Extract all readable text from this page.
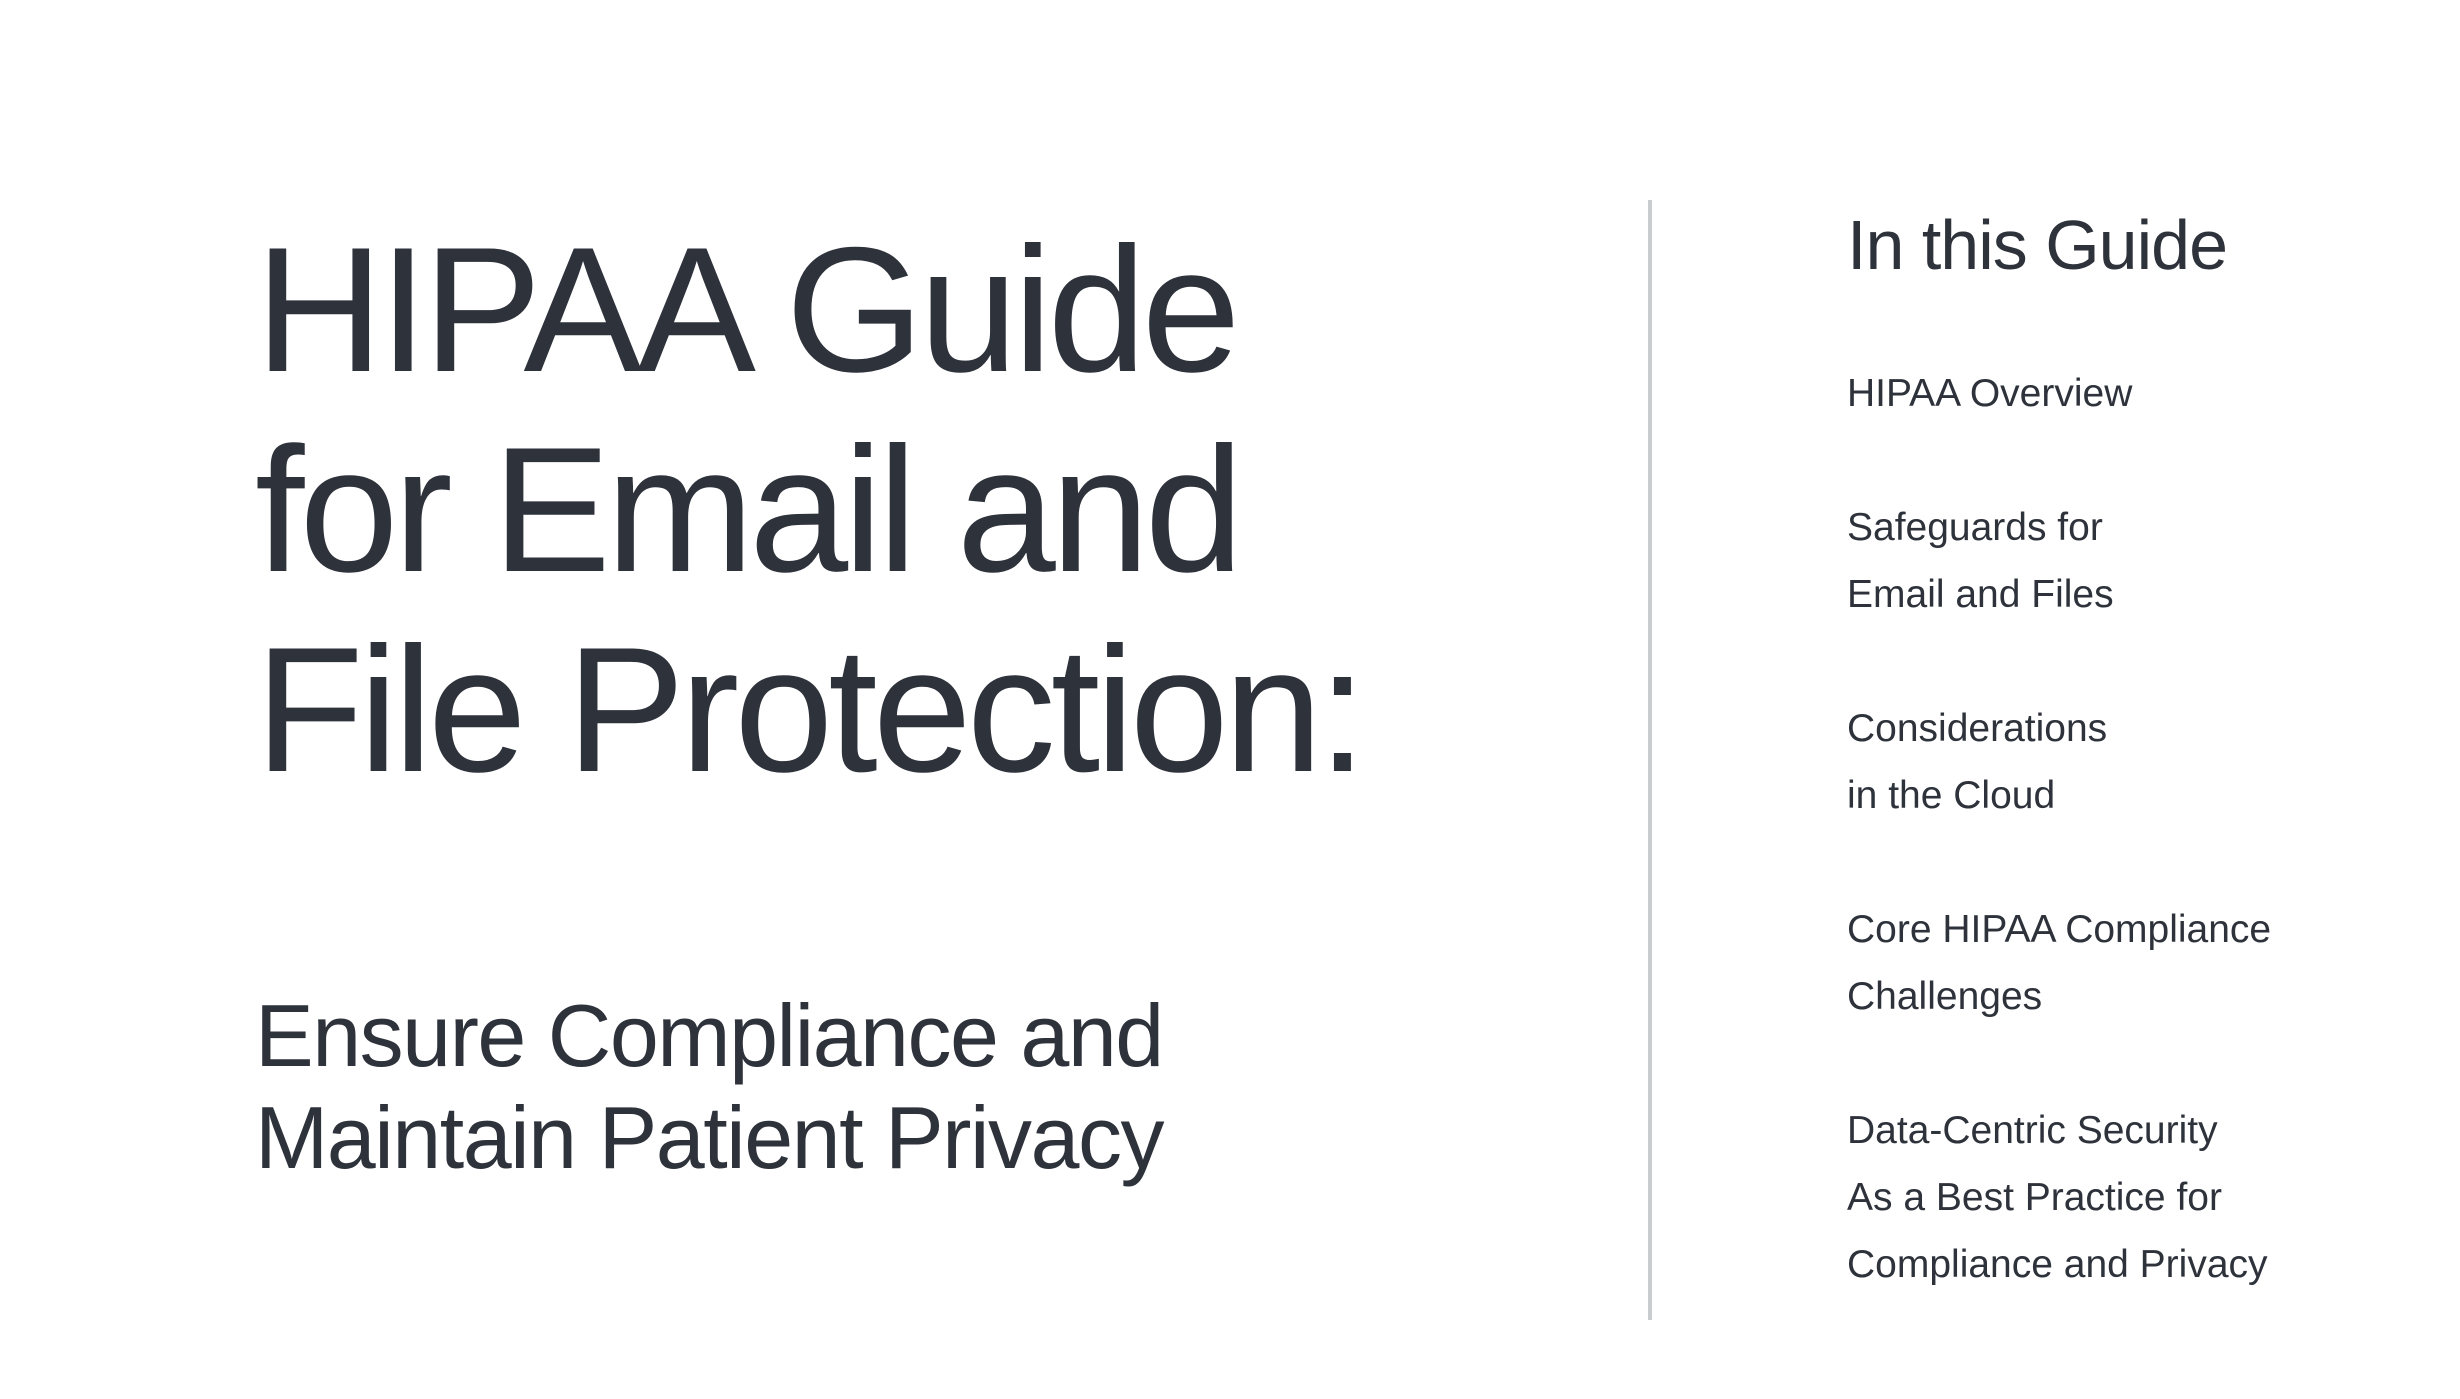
HIPAA Guide
for Email and
File Protection:
Ensure Compliance and
Maintain Patient Privacy
In this Guide
HIPAA Overview
Safeguards for
Email and Files
Considerations
in the Cloud
Core HIPAA Compliance
Challenges
Data-Centric Security
As a Best Practice for
Compliance and Privacy
